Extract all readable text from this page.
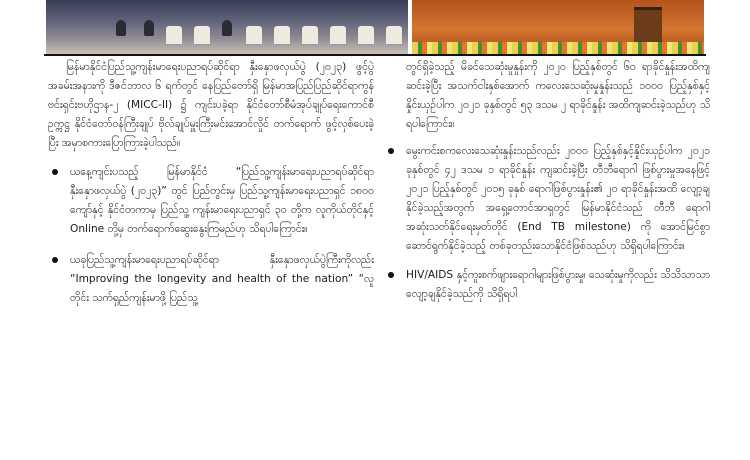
မြန်မာနိုင်ငံပြည်သူ့ကျန်းမာရေးပညာရပ်ဆိုင်ရာ နှီးနှောဖလှယ်ပွဲ (၂၀၂၃) ဖွင့်ပွဲ အခမ်းအနားကို ဒီဇင်ဘာလ ၆ ရက်တွင် နေပြည်တော်ရှိ မြန်မာအပြည်ပြည်ဆိုင်ရာကွန်ဗင်းရှင်းဗဟိုဌာန-၂ (MICC-II) ၌ ကျင်းပခဲ့ရာ နိုင်ငံတော်စီမံအုပ်ချုပ်ရေးကောင်စီဥက္ကဋ္ဌ နိုင်ငံတော်ဝန်ကြီးချုပ် ဗိုလ်ချုပ်မှူးကြီးမင်းအောင်လှိုင် တက်ရောက် ဖွင့်လှစ်ပေးခဲ့ပြီး အမှာစကားပြောကြားခဲ့ပါသည်။

ယနေ့ကျင်းပသည့် မြန်မာနိုင်ငံ “ပြည်သူ့ကျန်းမာရေးပညာရပ်ဆိုင်ရာနှီးနှောဖလှယ်ပွဲ (၂၀၂၃)” တွင် ပြည်တွင်းမှ ပြည်သူ့ကျန်းမာရေးပညာရှင် ၁၈၀၀ ကျော်နှင့် နိုင်ငံတကာမှ ပြည်သူ့ ကျန်းမာရေးပညာရှင် ၃၀ တို့က လူကိုယ်တိုင်နှင့် Online တို့မှ တက်ရောက်ဆွေးနွေးကြမည်ဟု သိရပါကြောင်း။
ယခုပြည်သူ့ကျန်းမာရေးပညာရပ်ဆိုင်ရာ နှီးနှောဖလှယ်ပွဲကြီးကိုလည်း “Improving the longevity and health of the nation” “လူတိုင်း သက်ရှည်ကျန်းမာဖို့ ပြည်သူ့

တွင်ရှိခဲ့သည့် မိခင်သေဆုံးမှုနှုန်းကို ၂၀၂၀ ပြည့်နှစ်တွင် ၆၀ ရာခိုင်နှုန်းအထိကျဆင်းခဲ့ပြီး အသက်ငါးနှစ်အောက် ကလေးသေဆုံးမှုနှုန်းသည် ၁၀၀၀ ပြည့်နှစ်နှင့် နှိုင်းယှဉ်ပါက ၂၀၂၁ ခုနှစ်တွင် ၅၃ ဒသမ ၂ ရာခိုင်နှုန်း အထိကျဆင်းခဲ့သည်ဟု သိရပါကြောင်း။

မွေးကင်းစကလေးသေဆုံးနှုန်းသည်လည်း ၂၀၀၀ ပြည့်နှစ်နှင့်နှိုင်းယှဉ်ပါက ၂၀၂၁ ခုနှစ်တွင် ၄၂ ဒသမ ၁ ရာခိုင်နှုန်း ကျဆင်းခဲ့ပြီး တီဘီရောဂါ ဖြစ်ပွားမှုအနေဖြင့် ၂၀၂၁ ပြည့်နှစ်တွင် ၂၀၁၅ ခုနှစ် ရောဂါဖြစ်ပွားနှုန်း၏ ၂၀ ရာခိုင်နှုန်းအထိ လျော့ချနိုင်ခဲ့သည့်အတွက် အရှေ့တောင်အာရှတွင် မြန်မာနိုင်ငံသည် တီဘီ ရောဂါအဆုံးသတ်နိုင်ရေးမှတ်တိုင် (End TB milestone) ကို အောင်မြင်စွာ ဆောင်ရွက်နိုင်ခဲ့သည့် တစ်ခုတည်းသောနိုင်ငံဖြစ်သည်ဟု သိရှိရပါကြောင်း။
HIV/AIDS နှင့်ကူးစက်ဖျားရောဂါများဖြစ်ပွားမှု၊ သေဆုံးမှုကိုလည်း သိသိသာသာ လျော့ချနိုင်ခဲ့သည်ကို သိရှိရပါ
